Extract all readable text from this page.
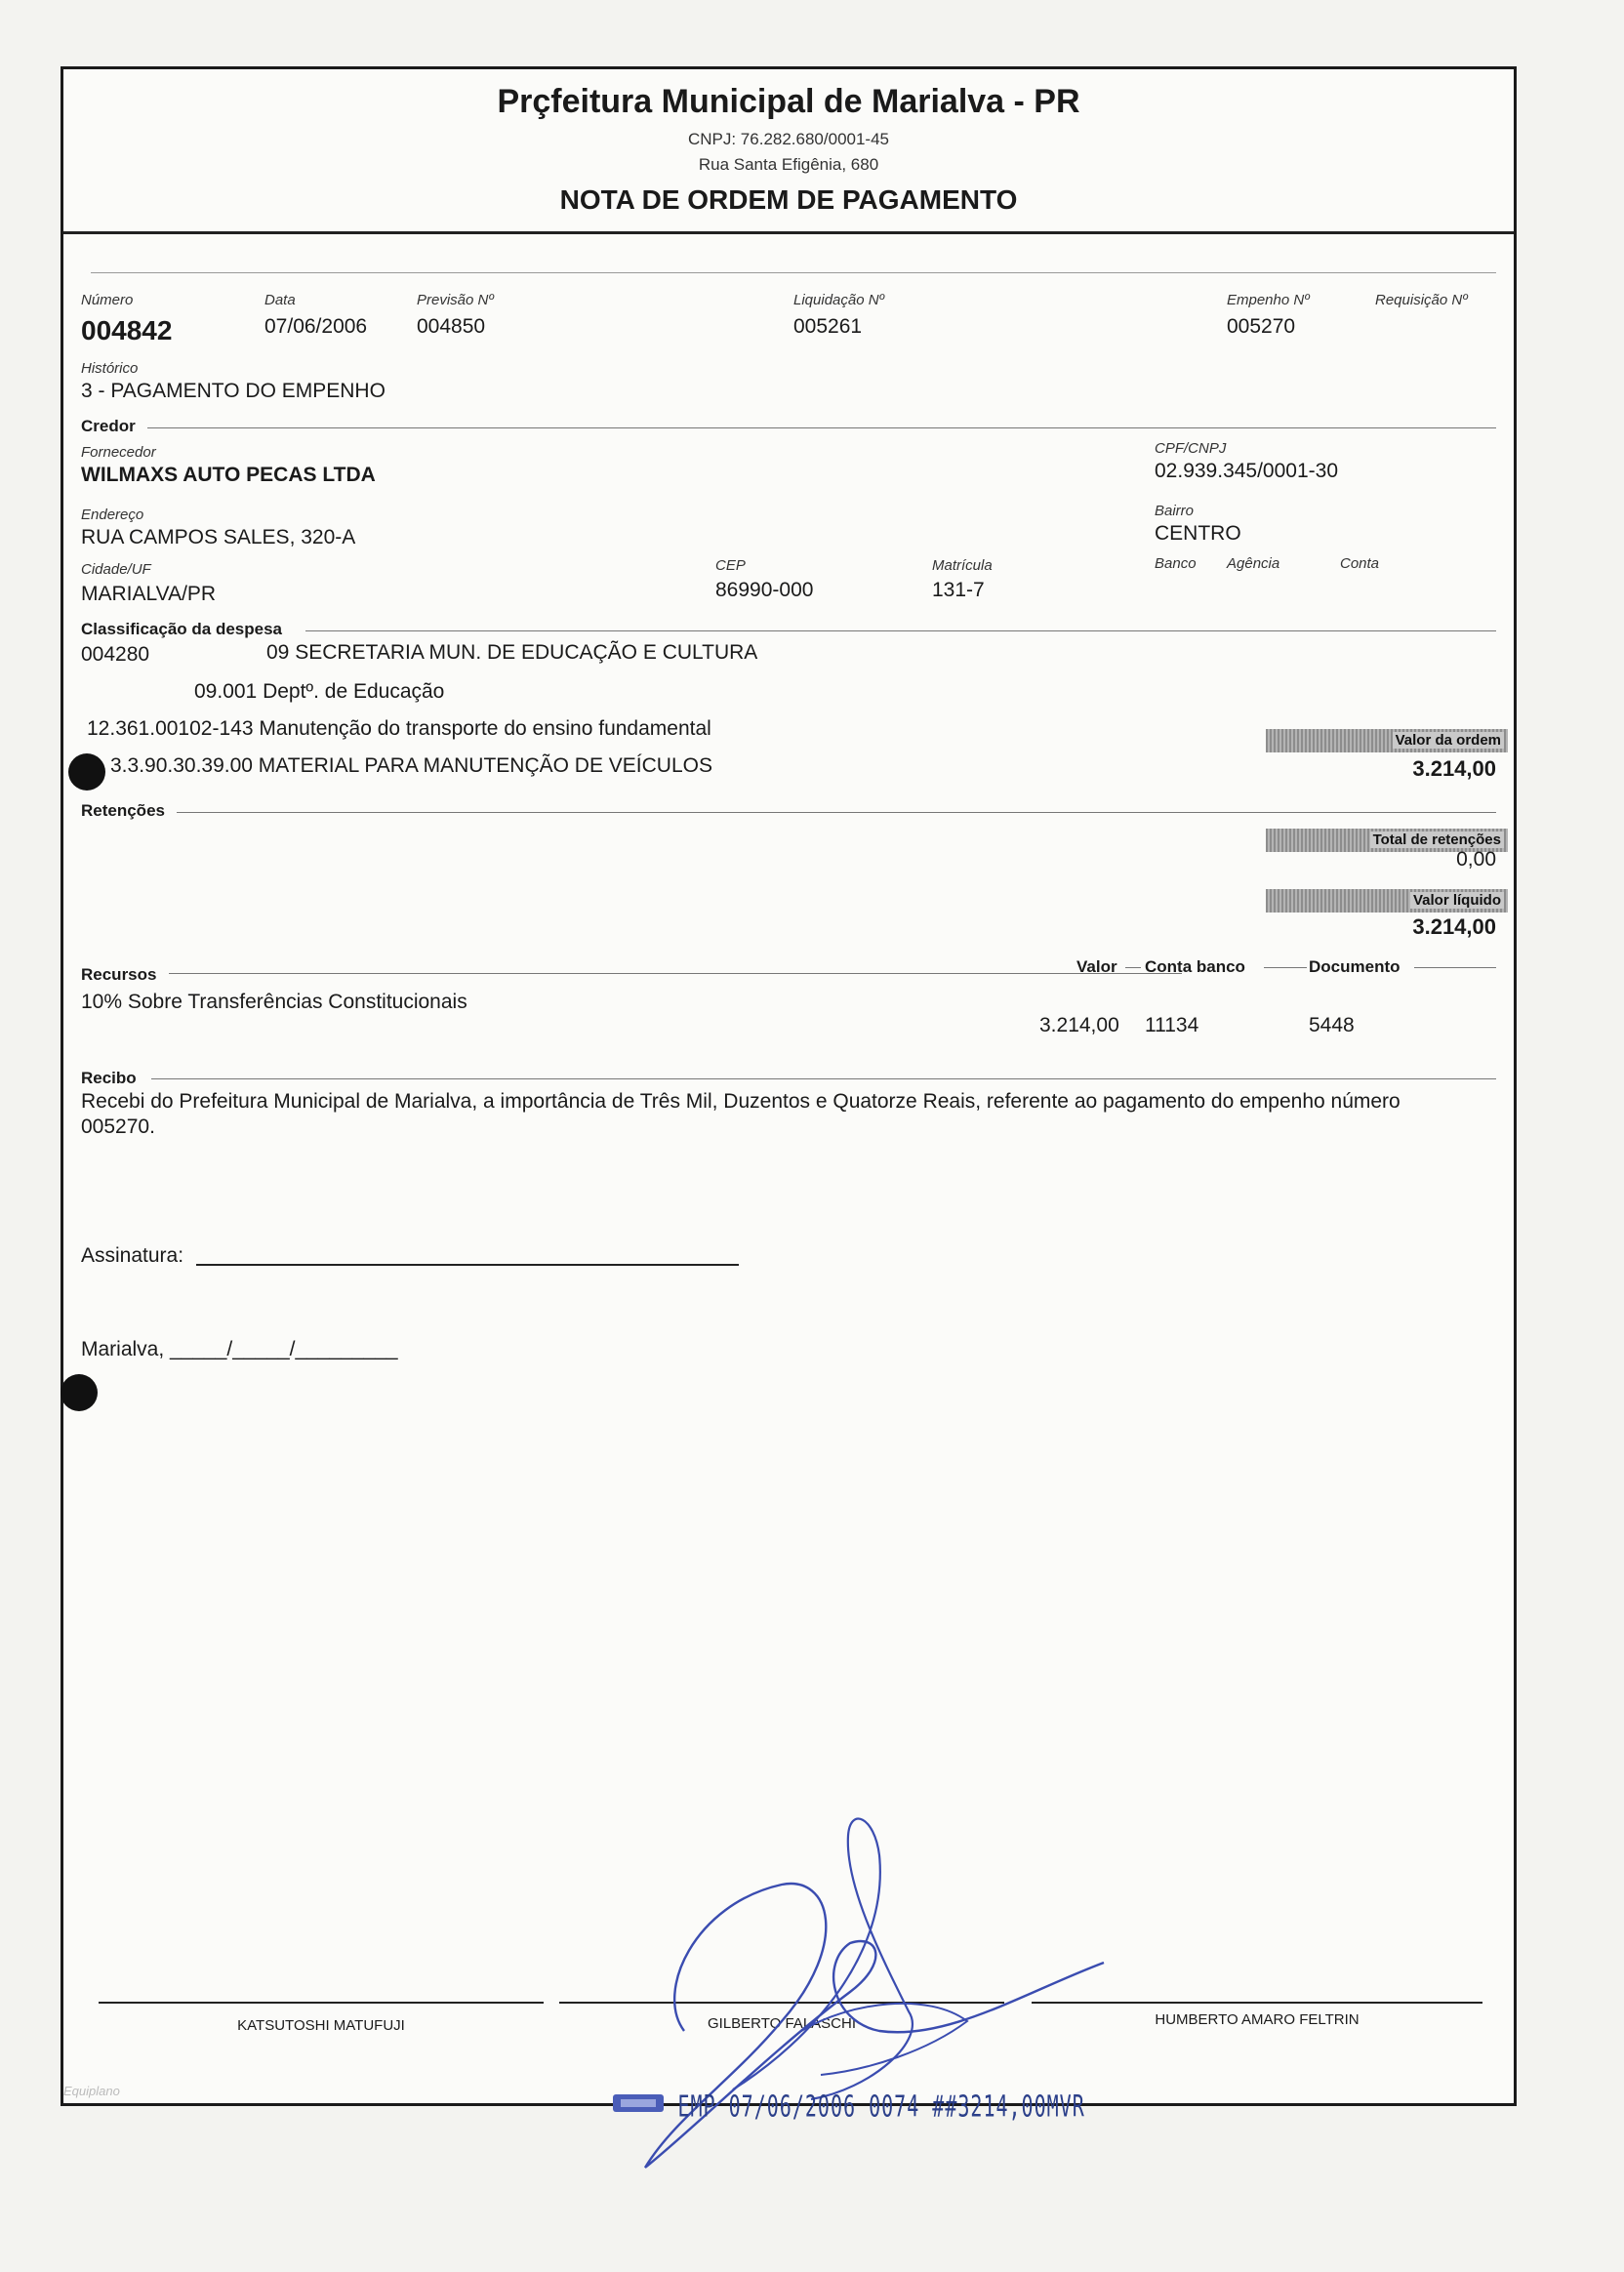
Prçfeitura Municipal de Marialva - PR
CNPJ: 76.282.680/0001-45
Rua Santa Efigênia, 680
NOTA DE ORDEM DE PAGAMENTO
Número
004842
Data
07/06/2006
Previsão Nº
004850
Liquidação Nº
005261
Empenho Nº
005270
Requisição Nº
Histórico
3 - PAGAMENTO DO EMPENHO
Credor
Fornecedor
WILMAXS AUTO PECAS LTDA
CPF/CNPJ
02.939.345/0001-30
Endereço
RUA CAMPOS SALES, 320-A
Bairro
CENTRO
Cidade/UF
MARIALVA/PR
CEP
86990-000
Matrícula
131-7
Banco Agência	Conta
Classificação da despesa
004280	09 SECRETARIA MUN. DE EDUCAÇÃO E CULTURA
09.001 Deptº. de Educação
12.361.00102-143 Manutenção do transporte do ensino fundamental
3.3.90.30.39.00 MATERIAL PARA MANUTENÇÃO DE VEÍCULOS
Valor da ordem
3.214,00
Retenções
Total de retenções
0,00
Valor líquido
3.214,00
Recursos	Valor Conta banco	Documento
10% Sobre Transferências Constitucionais
3.214,00 11134	5448
Recibo
Recebi do Prefeitura Municipal de Marialva, a importância de Três Mil, Duzentos e Quatorze Reais, referente ao pagamento do empenho número
005270.
Assinatura:
Marialva, _____/_____/_________
KATSUTOSHI MATUFUJI	GILBERTO FALASCHI	HUMBERTO AMARO FELTRIN
Equiplano	EMP 07/06/2006 0074 ##3214,00MVR
